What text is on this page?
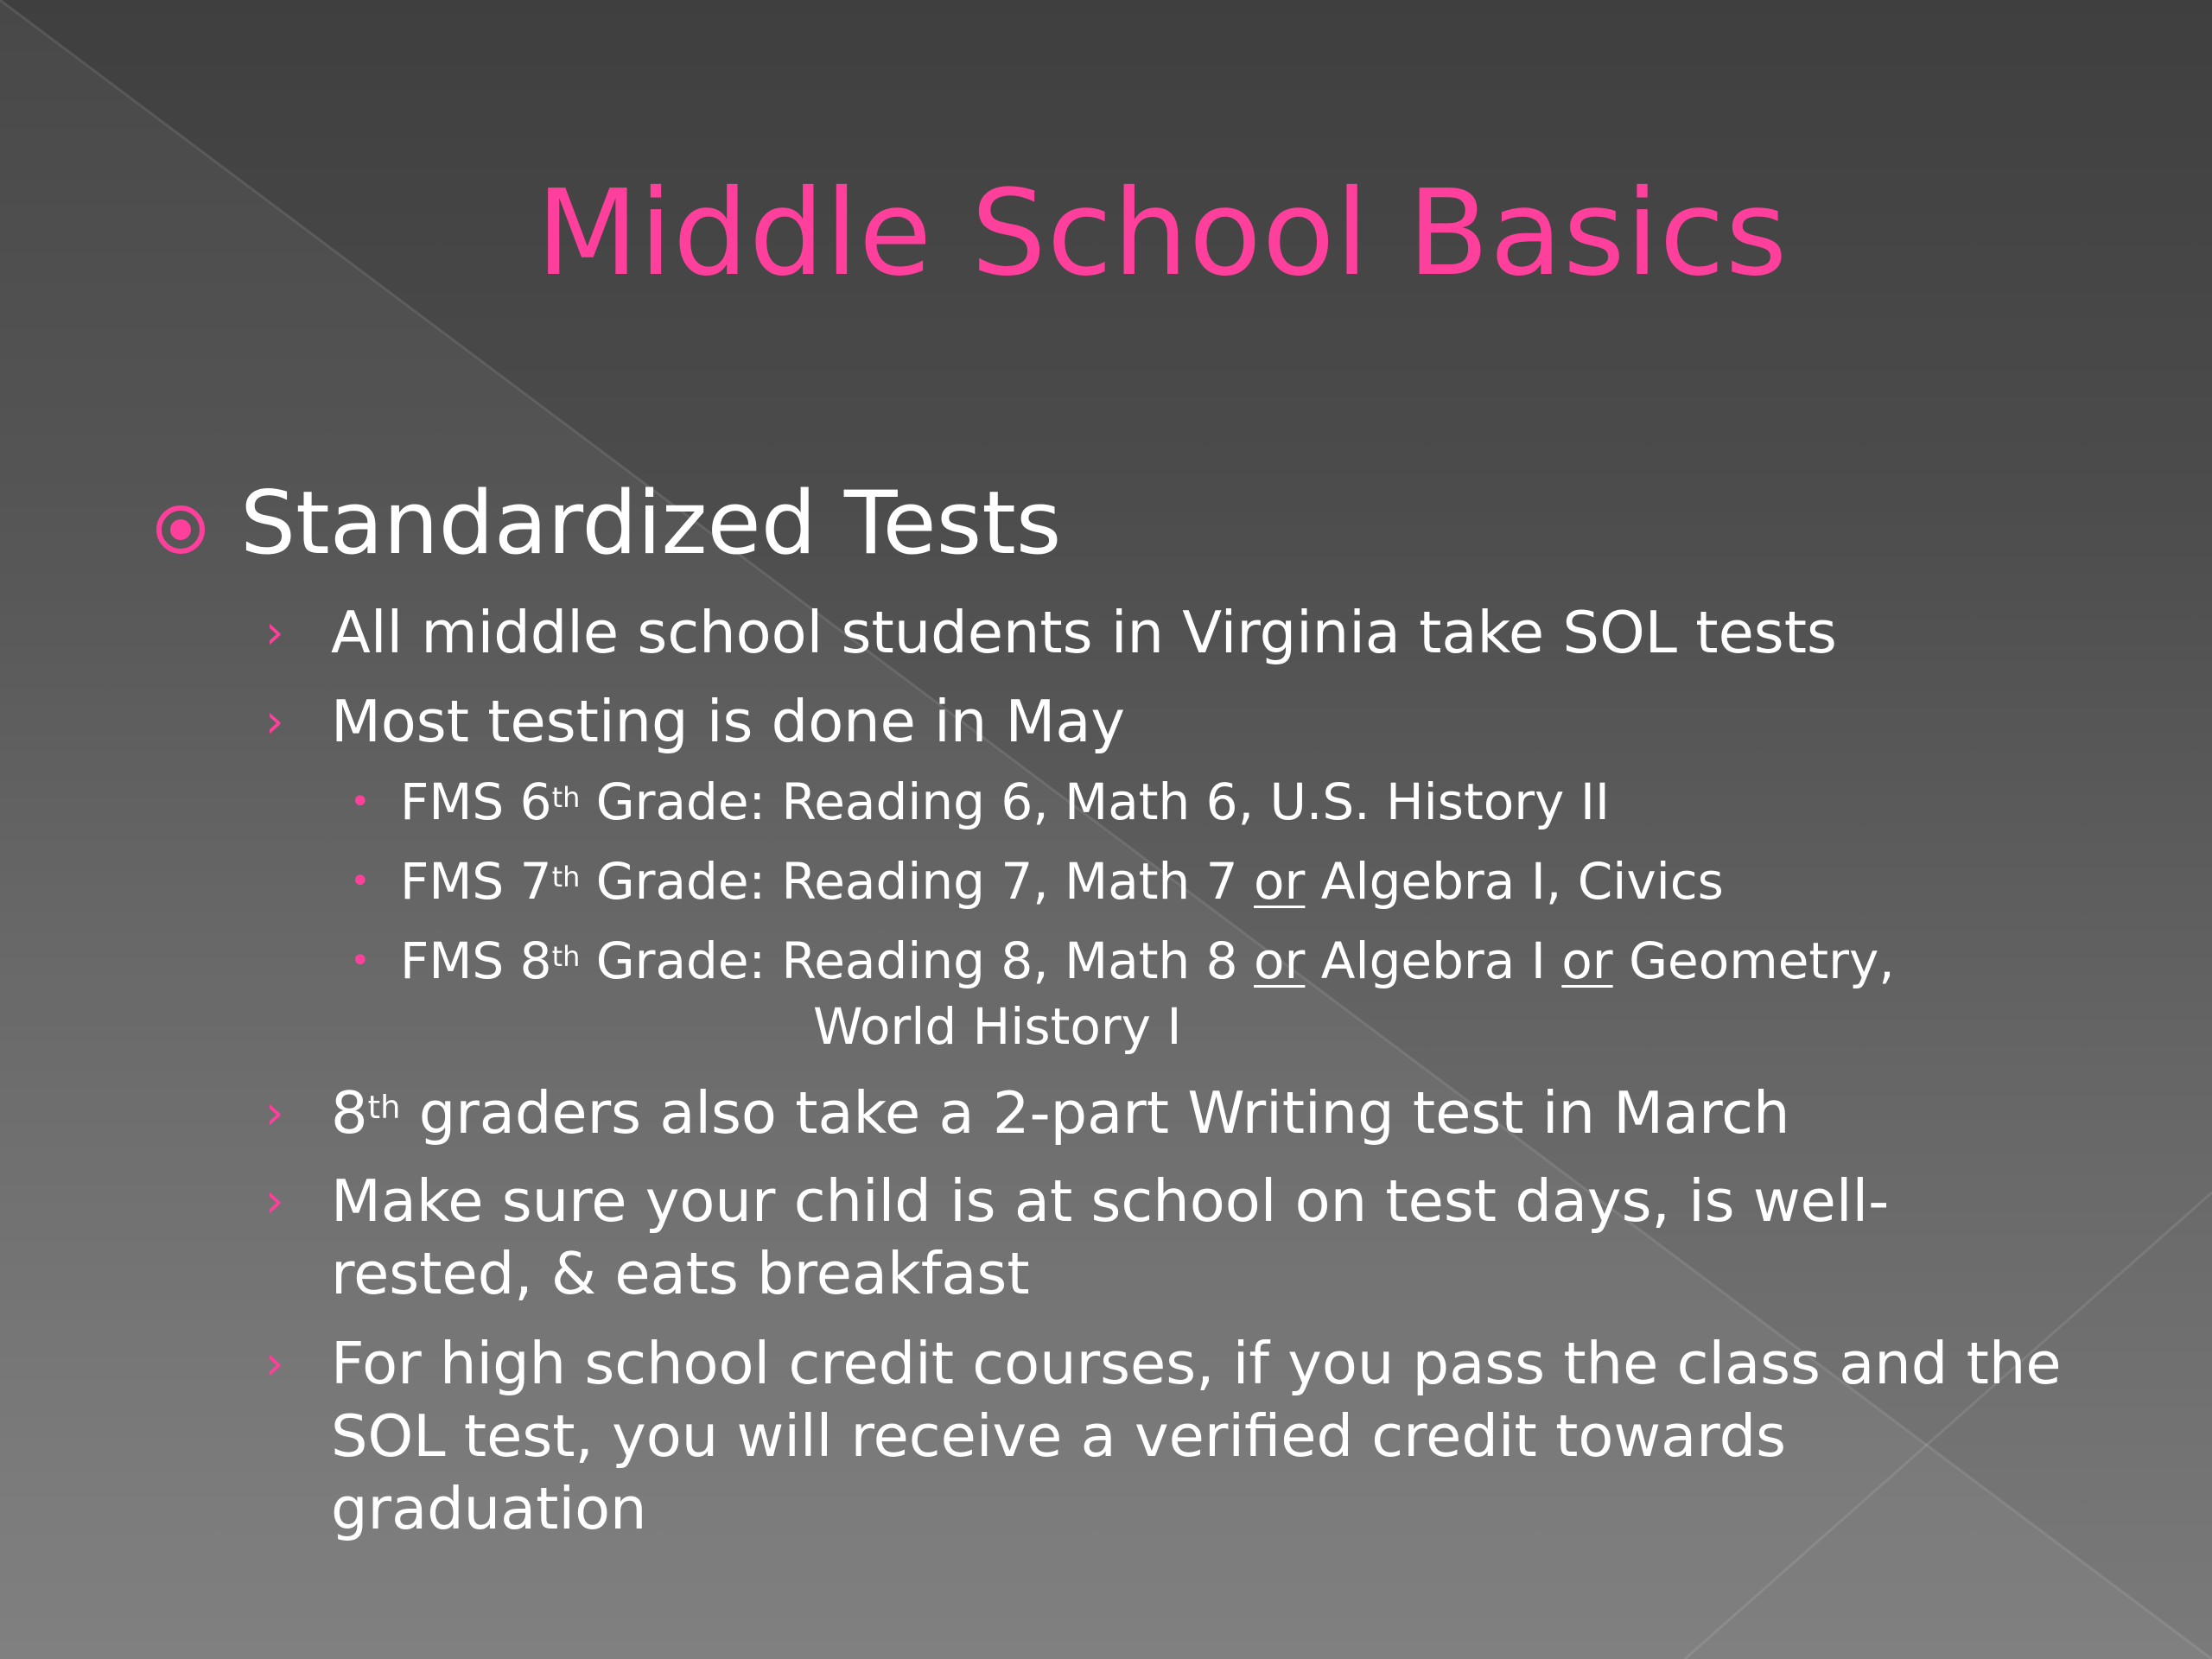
Middle School Basics
Standardized Tests
› All middle school students in Virginia take SOL tests
› Most testing is done in May
• FMS 6th Grade: Reading 6, Math 6, U.S. History II
• FMS 7th Grade: Reading 7, Math 7 or Algebra I, Civics
• FMS 8th Grade: Reading 8, Math 8 or Algebra I or Geometry,
World History I
› 8th graders also take a 2-part Writing test in March
› Make sure your child is at school on test days, is well-
rested, & eats breakfast
› For high school credit courses, if you pass the class and the
SOL test, you will receive a verified credit towards
graduation
